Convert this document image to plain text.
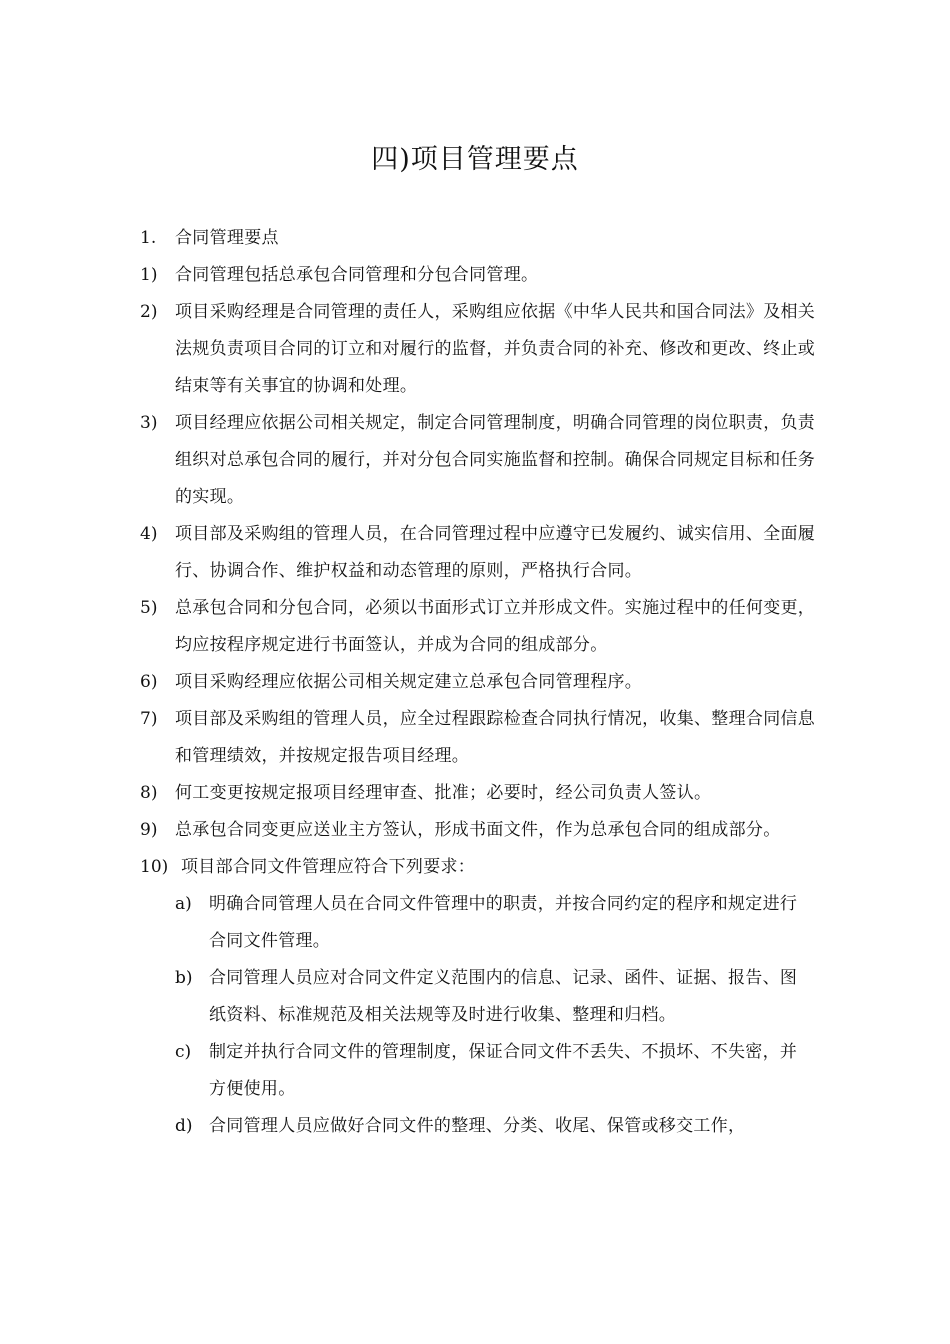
四)项目管理要点
1. 合同管理要点
1) 合同管理包括总承包合同管理和分包合同管理。
2) 项目采购经理是合同管理的责任人，采购组应依据《中华人民共和国合同法》及相关法规负责项目合同的订立和对履行的监督，并负责合同的补充、修改和更改、终止或结束等有关事宜的协调和处理。
3) 项目经理应依据公司相关规定，制定合同管理制度，明确合同管理的岗位职责，负责组织对总承包合同的履行，并对分包合同实施监督和控制。确保合同规定目标和任务的实现。
4) 项目部及采购组的管理人员，在合同管理过程中应遵守已发履约、诚实信用、全面履行、协调合作、维护权益和动态管理的原则，严格执行合同。
5) 总承包合同和分包合同，必须以书面形式订立并形成文件。实施过程中的任何变更，均应按程序规定进行书面签认，并成为合同的组成部分。
6) 项目采购经理应依据公司相关规定建立总承包合同管理程序。
7) 项目部及采购组的管理人员，应全过程跟踪检查合同执行情况，收集、整理合同信息和管理绩效，并按规定报告项目经理。
8) 何工变更按规定报项目经理审查、批准；必要时，经公司负责人签认。
9) 总承包合同变更应送业主方签认，形成书面文件，作为总承包合同的组成部分。
10) 项目部合同文件管理应符合下列要求：
a) 明确合同管理人员在合同文件管理中的职责，并按合同约定的程序和规定进行合同文件管理。
b) 合同管理人员应对合同文件定义范围内的信息、记录、函件、证据、报告、图纸资料、标准规范及相关法规等及时进行收集、整理和归档。
c) 制定并执行合同文件的管理制度，保证合同文件不丢失、不损坏、不失密，并方便使用。
d) 合同管理人员应做好合同文件的整理、分类、收尾、保管或移交工作，
